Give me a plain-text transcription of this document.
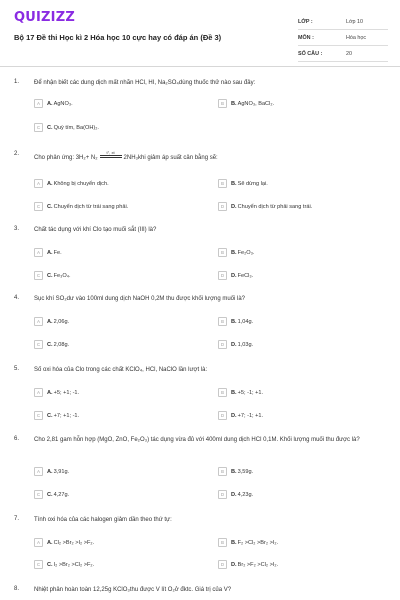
QUIZIZZ
Bộ 17 Đề thi Học kì 2 Hóa học 10 cực hay có đáp án (Đề 3)
LỚP :	Lớp 10
MÔN :	Hóa học
SỐ CÂU :	20
1. Để nhận biết các dung dịch mất nhãn HCl, HI, Na₂SO₄dùng thuốc thử nào sau đây:
A	A.AgNO₃.	B	B.AgNO₃, BaCl₂.
C	C.Quỳ tím, Ba(OH)₂.
2.
Cho phản ứng: 3H₂+ N₂
t°, xt
2NH₃khi giảm áp suất cân bằng sẽ:
A	A.Không bị chuyển dịch.	B	B.Sẽ dừng lại.
C	C.Chuyển dịch từ trái sang phải.	D	D.Chuyển dịch từ phải sang trái.
3. Chất tác dụng với khí Clo tạo muối sắt (III) là?
A	A.Fe.	B	B.Fe₂O₃.
C	C.Fe₃O₄.	D	D.FeCl₃.
4. Sục khí SO₂dư vào 100ml dung dịch NaOH 0,2M thu được khối lượng muối là?
A	A.2,06g.	B	B.1,04g.
C	C.2,08g.	D	D.1,03g.
5. Số oxi hóa của Clo trong các chất KClO₄, HCl, NaClO lần lượt là:
A	A.+5; +1; -1.	B	B.+5; -1; +1.
C	C.+7; +1; -1.	D	D.+7; -1; +1.
6. Cho 2,81 gam hỗn hợp (MgO, ZnO, Fe₂O₃) tác dụng vừa đủ với 400ml dung dịch HCl 0,1M. Khối lượng muối thu được là?
A	A.3,91g.	B	B.3,59g.
C	C.4,27g.	D	D.4,23g.
7. Tính oxi hóa của các halogen giảm dần theo thứ tự:
A	A.Cl₂ >Br₂ >I₂ >F₂.	B	B.F₂ >Cl₂ >Br₂ >I₂.
C	C.I₂ >Br₂ >Cl₂ >F₂.	D	D.Br₂ >F₂ >Cl₂ >I₂.
8. Nhiệt phân hoàn toàn 12,25g KClO₃thu được V lít O₂ở đktc. Giá trị của V?
